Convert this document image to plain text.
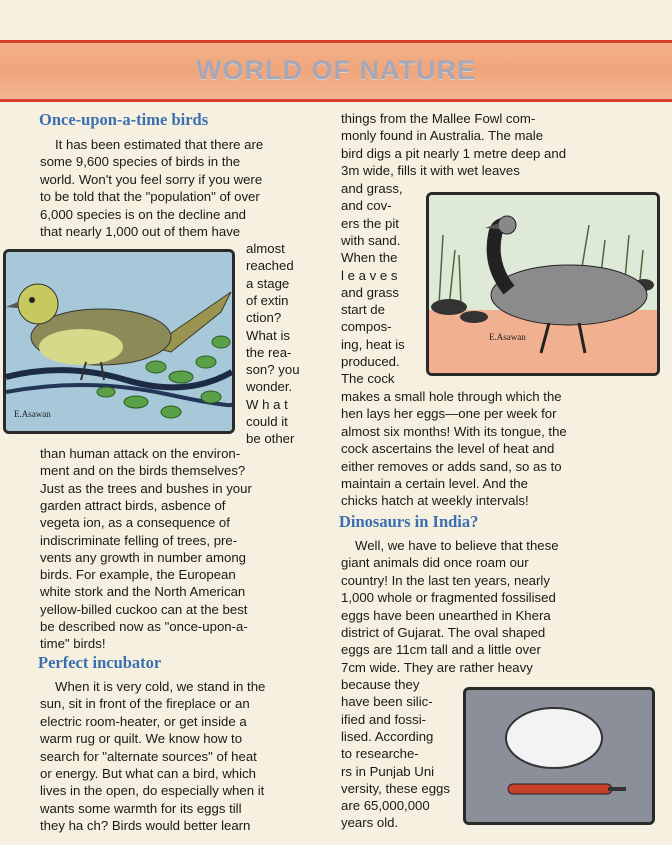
WORLD OF NATURE
Once-upon-a-time birds
It has been estimated that there are
some 9,600 species of birds in the
world. Won't you feel sorry if you were
to be told that the "population" of over
6,000 species is on the decline and
that nearly 1,000 out of them have
almost
reached
a stage
of extin
ction?
What is
the rea-
son? you
wonder.
W h a t
could it
be other
than human attack on the environ-
ment and on the birds themselves?
Just as the trees and bushes in your
garden attract birds, asbence of
vegeta ion, as a consequence of
indiscriminate felling of trees, pre-
vents any growth in number among
birds. For example, the European
white stork and the North American
yellow-billed cuckoo can at the best
be described now as "once-upon-a-
time" birds!
E.Asawan
Perfect incubator
When it is very cold, we stand in the
sun, sit in front of the fireplace or an
electric room-heater, or get inside a
warm rug or quilt. We know how to
search for "alternate sources" of heat
or energy. But what can a bird, which
lives in the open, do especially when it
wants some warmth for its eggs till
they ha ch? Birds would better learn
things from the Mallee Fowl com-
monly found in Australia. The male
bird digs a pit nearly 1 metre deep and
3m wide, fills it with wet leaves
and grass,
and cov-
ers the pit
with sand.
When the
l e a v e s
and grass
start de
compos-
ing, heat is
produced.
The cock
makes a small hole through which the
hen lays her eggs—one per week for
almost six months! With its tongue, the
cock ascertains the level of heat and
either removes or adds sand, so as to
maintain a certain level. And the
chicks hatch at weekly intervals!
E.Asawan
Dinosaurs in India?
Well, we have to believe that these
giant animals did once roam our
country! In the last ten years, nearly
1,000 whole or fragmented fossilised
eggs have been unearthed in Khera
district of Gujarat. The oval shaped
eggs are 11cm tall and a little over
7cm wide. They are rather heavy
because they
have been silic-
ified and fossi-
lised. According
to researche-
rs in Punjab Uni
versity, these eggs
are 65,000,000
years old.
